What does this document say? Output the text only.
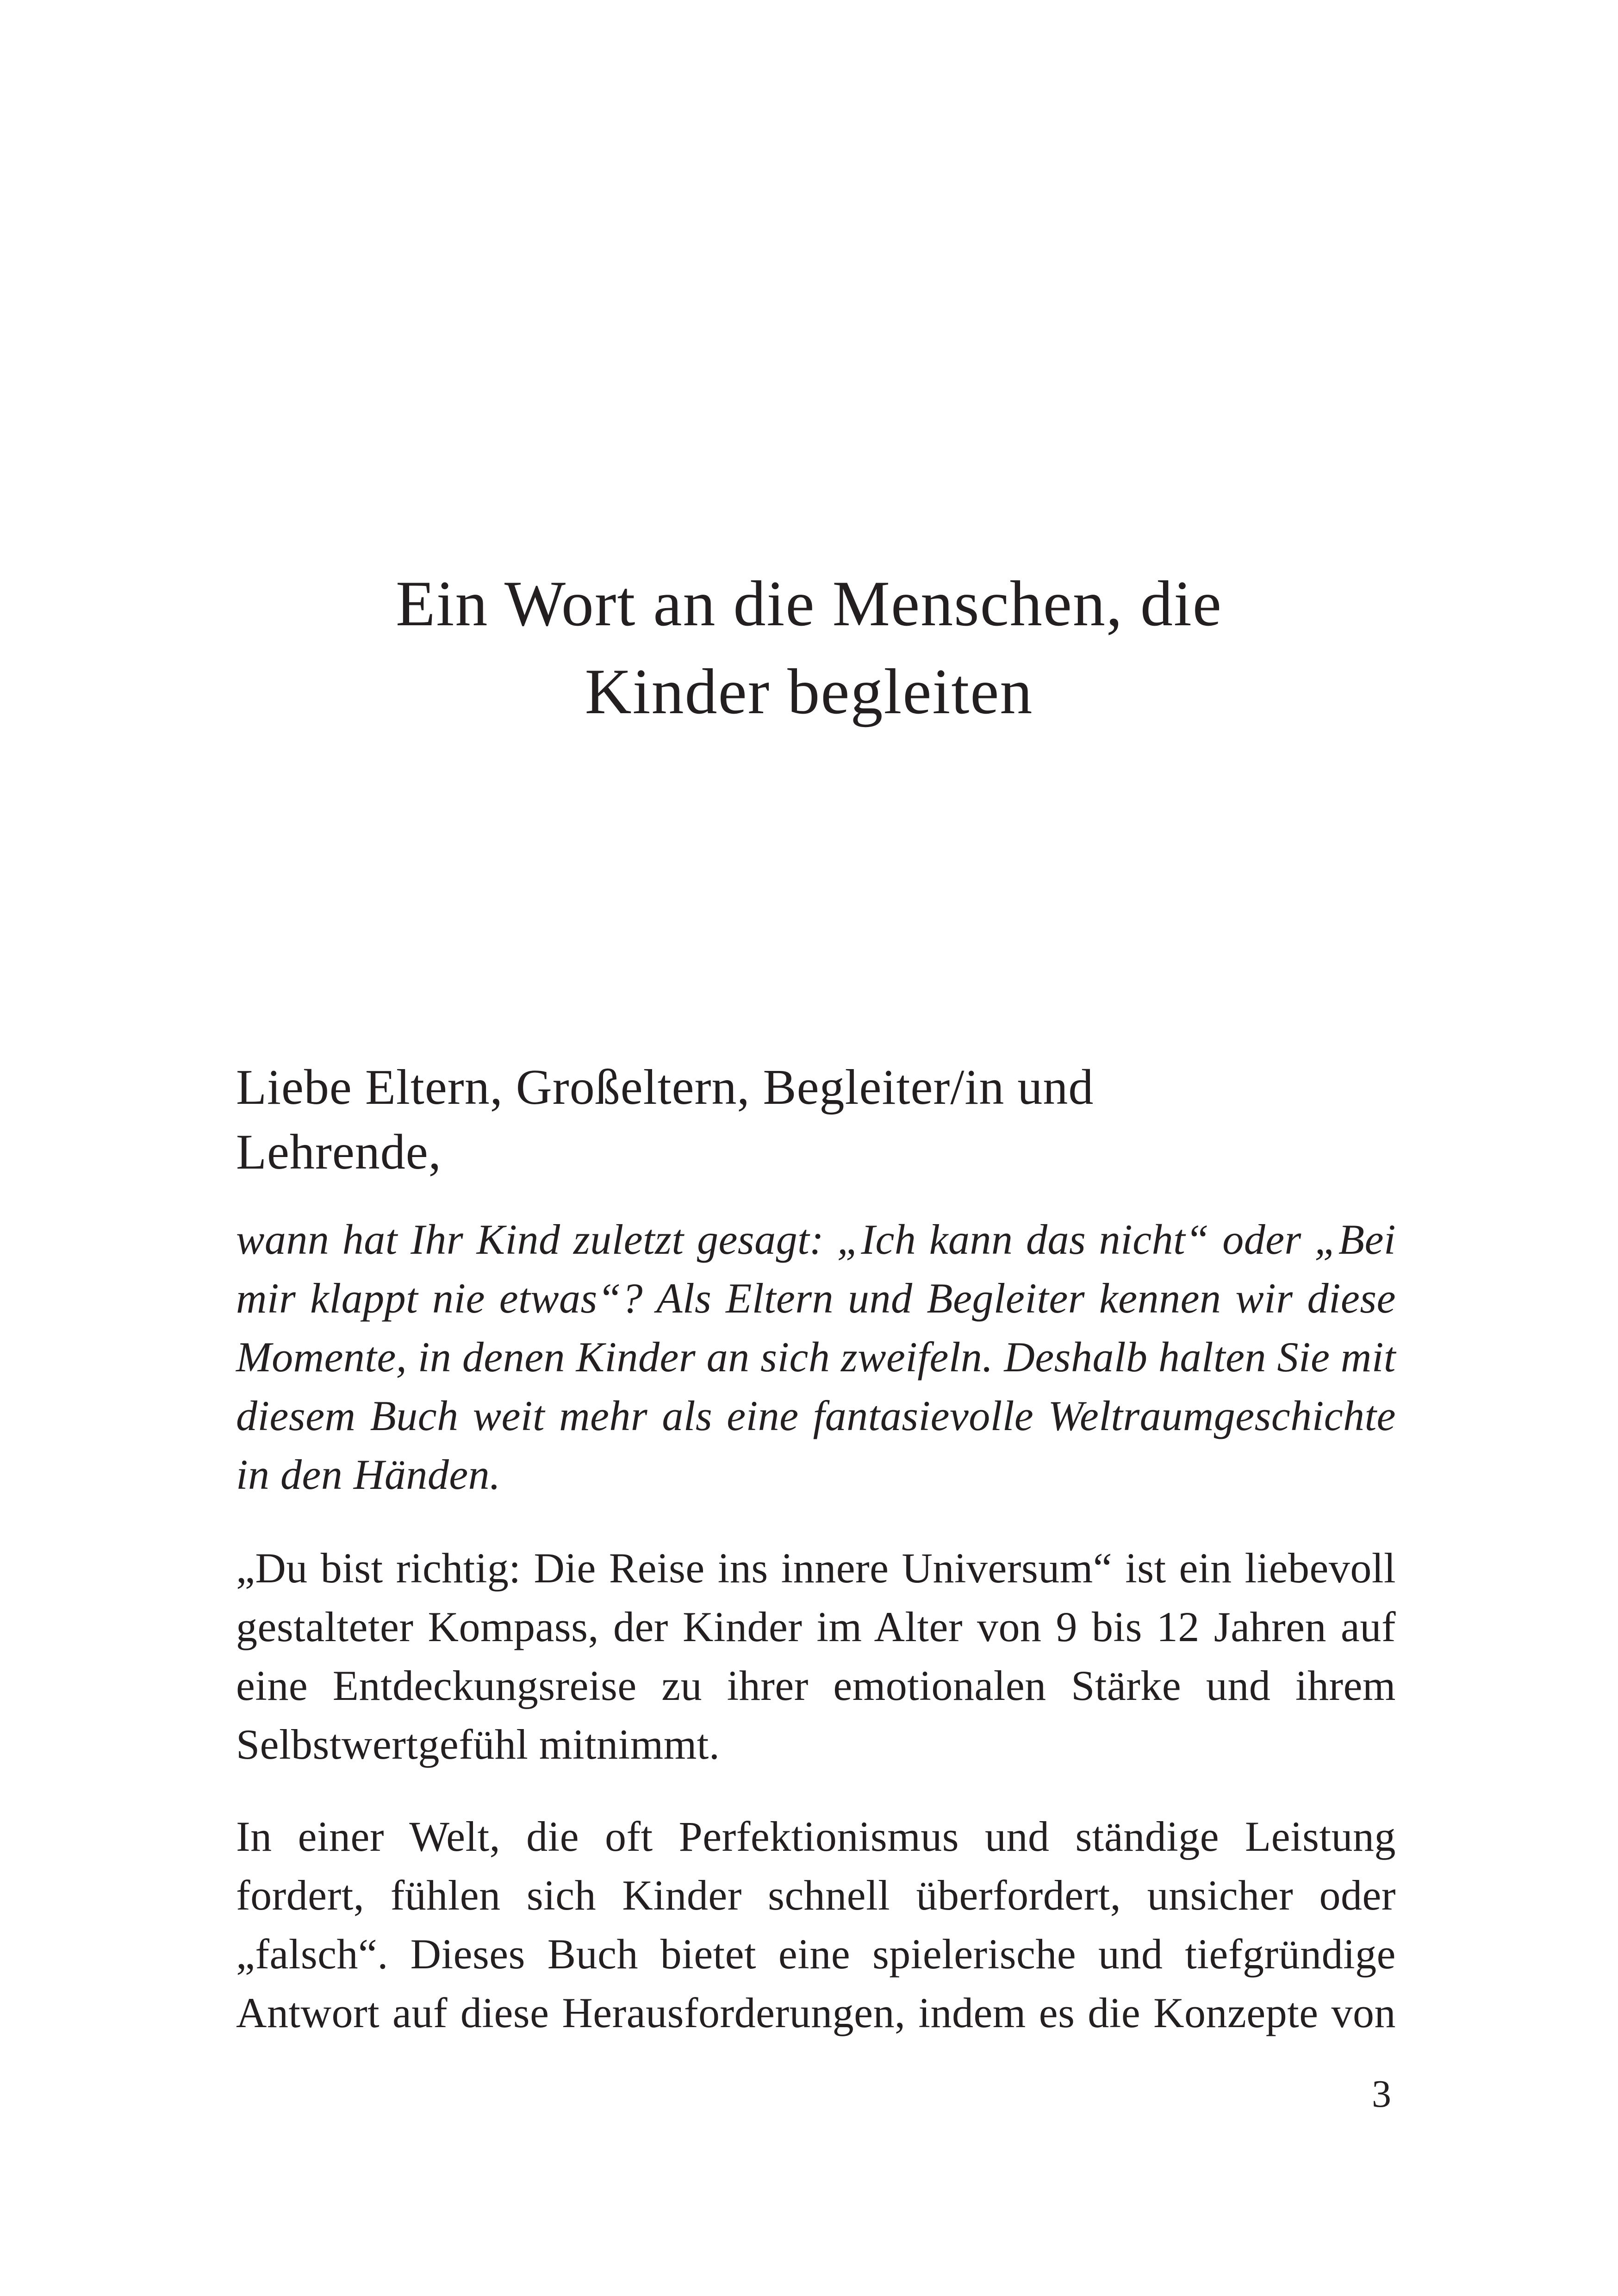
Ein Wort an die Menschen, die
Kinder begleiten
Liebe Eltern, Großeltern, Begleiter/in und
Lehrende,
wann hat Ihr Kind zuletzt gesagt: „Ich kann das nicht“ oder „Bei
mir klappt nie etwas“? Als Eltern und Begleiter kennen wir diese
Momente, in denen Kinder an sich zweifeln. Deshalb halten Sie mit
diesem Buch weit mehr als eine fantasievolle Weltraumgeschichte
in den Händen.
„Du bist richtig: Die Reise ins innere Universum“ ist ein liebevoll
gestalteter Kompass, der Kinder im Alter von 9 bis 12 Jahren auf
eine Entdeckungsreise zu ihrer emotionalen Stärke und ihrem
Selbstwertgefühl mitnimmt.
In einer Welt, die oft Perfektionismus und ständige Leistung
fordert, fühlen sich Kinder schnell überfordert, unsicher oder
„falsch“. Dieses Buch bietet eine spielerische und tiefgründige
Antwort auf diese Herausforderungen, indem es die Konzepte von
3
